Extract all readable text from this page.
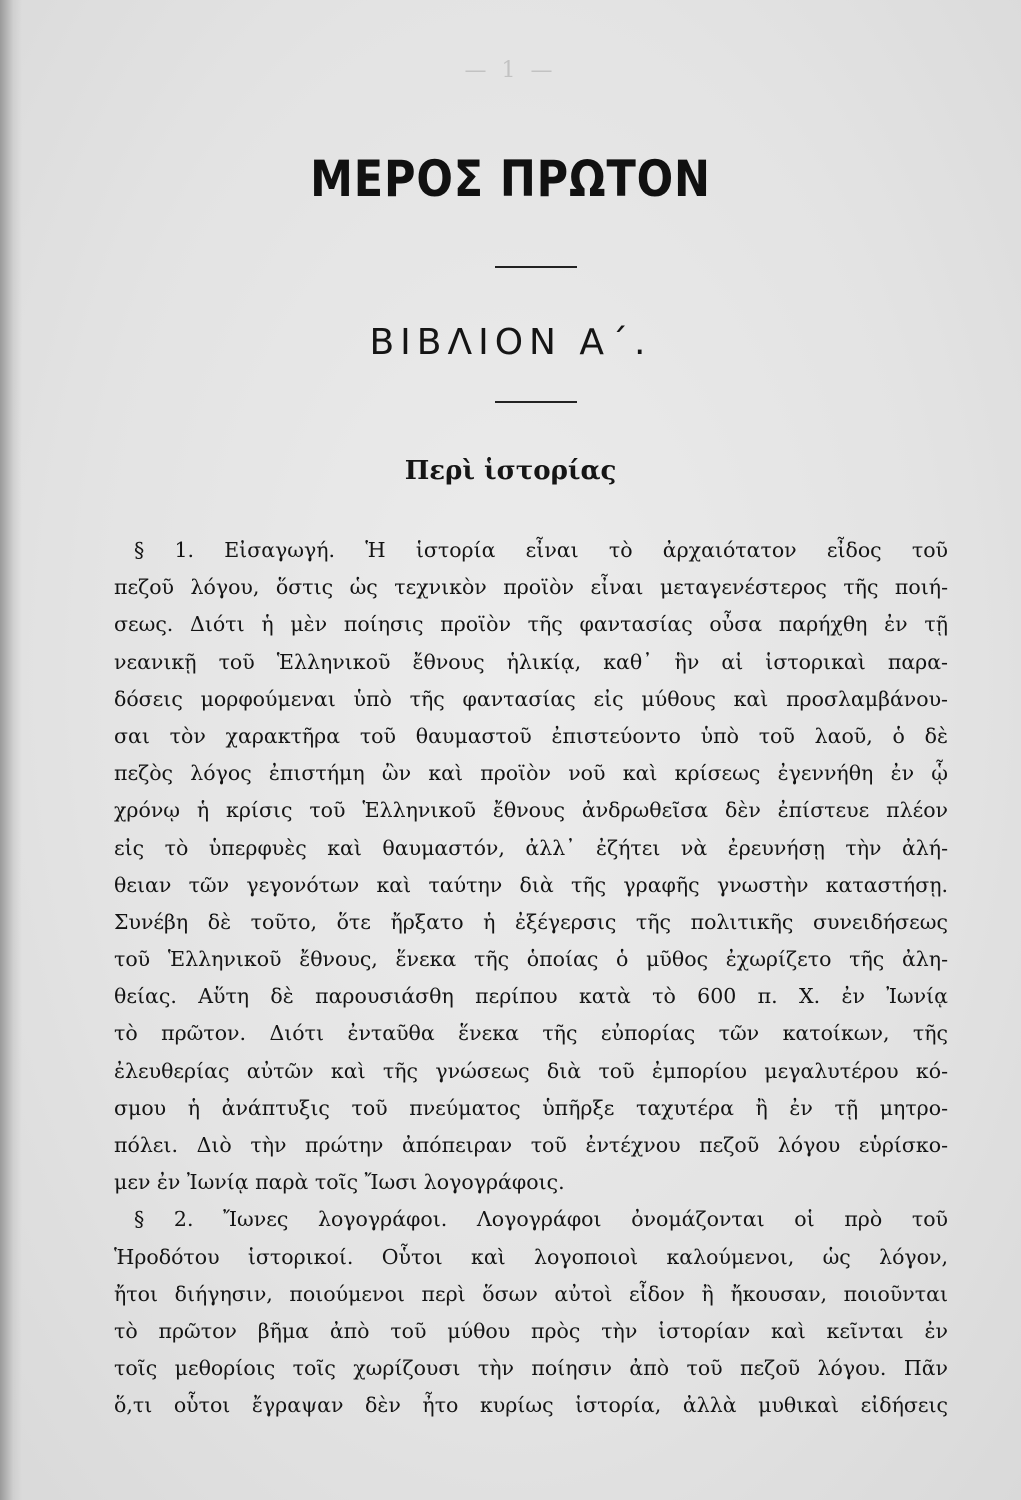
— 1 —
ΜΕΡΟΣ ΠΡΩΤΟΝ
ΒΙΒΛΙΟΝ Α΄.
Περὶ ἱστορίας
§ 1. Εἰσαγωγή. Ἡ ἱστορία εἶναι τὸ ἀρχαιότατον εἶδος τοῦ
πεζοῦ λόγου, ὅστις ὡς τεχνικὸν προϊὸν εἶναι μεταγενέστερος τῆς ποιή-
σεως. Διότι ἡ μὲν ποίησις προϊὸν τῆς φαντασίας οὖσα παρήχθη ἐν τῇ
νεανικῇ τοῦ Ἑλληνικοῦ ἔθνους ἡλικίᾳ, καθ᾽ ἣν αἱ ἱστορικαὶ παρα-
δόσεις μορφούμεναι ὑπὸ τῆς φαντασίας εἰς μύθους καὶ προσλαμβάνου-
σαι τὸν χαρακτῆρα τοῦ θαυμαστοῦ ἐπιστεύοντο ὑπὸ τοῦ λαοῦ, ὁ δὲ
πεζὸς λόγος ἐπιστήμη ὢν καὶ προϊὸν νοῦ καὶ κρίσεως ἐγεννήθη ἐν ᾧ
χρόνῳ ἡ κρίσις τοῦ Ἑλληνικοῦ ἔθνους ἀνδρωθεῖσα δὲν ἐπίστευε πλέον
εἰς τὸ ὑπερφυὲς καὶ θαυμαστόν, ἀλλ᾽ ἐζήτει νὰ ἐρευνήσῃ τὴν ἀλή-
θειαν τῶν γεγονότων καὶ ταύτην διὰ τῆς γραφῆς γνωστὴν καταστήσῃ.
Συνέβη δὲ τοῦτο, ὅτε ἤρξατο ἡ ἐξέγερσις τῆς πολιτικῆς συνειδήσεως
τοῦ Ἑλληνικοῦ ἔθνους, ἕνεκα τῆς ὁποίας ὁ μῦθος ἐχωρίζετο τῆς ἀλη-
θείας. Αὕτη δὲ παρουσιάσθη περίπου κατὰ τὸ 600 π. Χ. ἐν Ἰωνίᾳ
τὸ πρῶτον. Διότι ἐνταῦθα ἕνεκα τῆς εὐπορίας τῶν κατοίκων, τῆς
ἐλευθερίας αὐτῶν καὶ τῆς γνώσεως διὰ τοῦ ἐμπορίου μεγαλυτέρου κό-
σμου ἡ ἀνάπτυξις τοῦ πνεύματος ὑπῆρξε ταχυτέρα ἢ ἐν τῇ μητρο-
πόλει. Διὸ τὴν πρώτην ἀπόπειραν τοῦ ἐντέχνου πεζοῦ λόγου εὑρίσκο-
μεν ἐν Ἰωνίᾳ παρὰ τοῖς Ἴωσι λογογράφοις.
§ 2. Ἴωνες λογογράφοι. Λογογράφοι ὀνομάζονται οἱ πρὸ τοῦ
Ἡροδότου ἱστορικοί. Οὗτοι καὶ λογοποιοὶ καλούμενοι, ὡς λόγον,
ἤτοι διήγησιν, ποιούμενοι περὶ ὅσων αὐτοὶ εἶδον ἢ ἤκουσαν, ποιοῦνται
τὸ πρῶτον βῆμα ἀπὸ τοῦ μύθου πρὸς τὴν ἱστορίαν καὶ κεῖνται ἐν
τοῖς μεθορίοις τοῖς χωρίζουσι τὴν ποίησιν ἀπὸ τοῦ πεζοῦ λόγου. Πᾶν
ὅ,τι οὗτοι ἔγραψαν δὲν ἦτο κυρίως ἱστορία, ἀλλὰ μυθικαὶ εἰδήσεις
